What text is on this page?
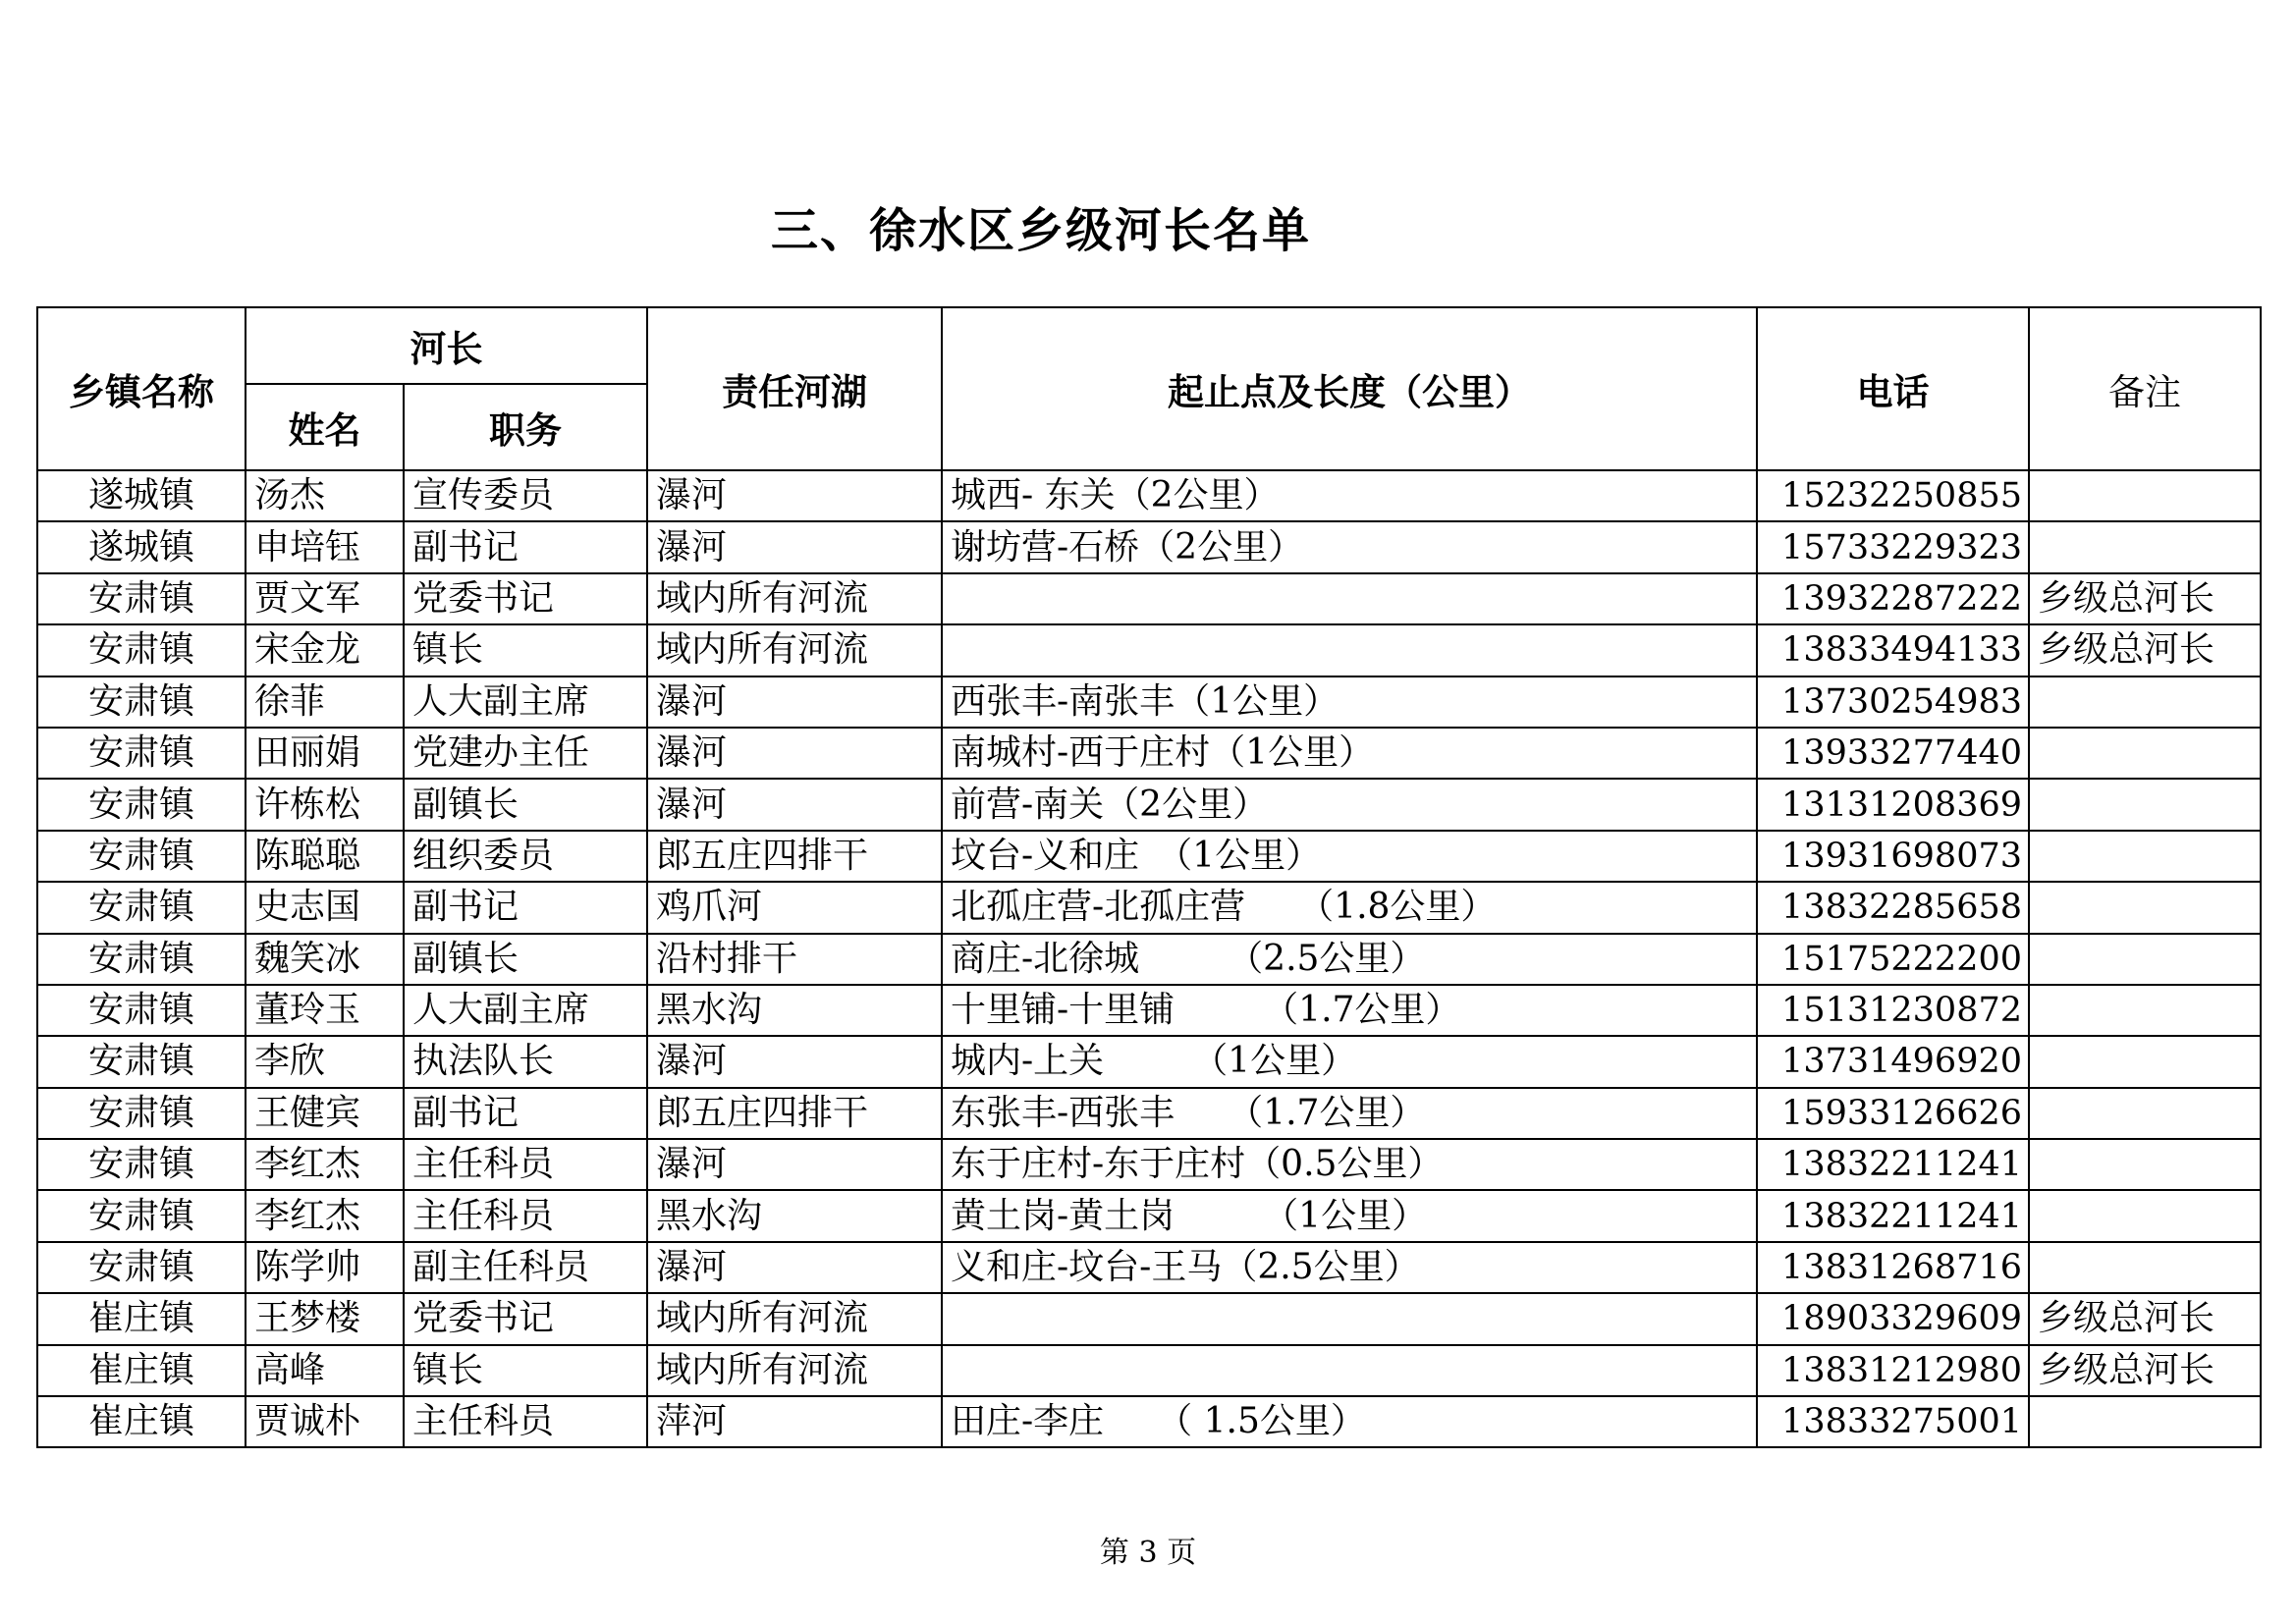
三、徐水区乡级河长名单
乡镇名称	河长		责任河湖	起止点及长度（公里）	电话	备注
	姓名	职务				
遂城镇	汤杰	宣传委员	瀑河	城西- 东关（2公里）	15232250855	
遂城镇	申培钰	副书记	瀑河	谢坊营-石桥（2公里）	15733229323	
安肃镇	贾文军	党委书记	域内所有河流		13932287222	乡级总河长
安肃镇	宋金龙	镇长	域内所有河流		13833494133	乡级总河长
安肃镇	徐菲	人大副主席	瀑河	西张丰-南张丰（1公里）	13730254983	
安肃镇	田丽娟	党建办主任	瀑河	南城村-西于庄村（1公里）	13933277440	
安肃镇	许栋松	副镇长	瀑河	前营-南关（2公里）	13131208369	
安肃镇	陈聪聪	组织委员	郎五庄四排干	坟台-义和庄　（1公里）	13931698073	
安肃镇	史志国	副书记	鸡爪河	北孤庄营-北孤庄营　　（1.8公里）	13832285658	
安肃镇	魏笑冰	副镇长	沿村排干	商庄-北徐城　　　（2.5公里）	15175222200	
安肃镇	董玲玉	人大副主席	黑水沟	十里铺-十里铺　　　（1.7公里）	15131230872	
安肃镇	李欣	执法队长	瀑河	城内-上关　　　（1公里）	13731496920	
安肃镇	王健宾	副书记	郎五庄四排干	东张丰-西张丰　　（1.7公里）	15933126626	
安肃镇	李红杰	主任科员	瀑河	东于庄村-东于庄村（0.5公里）	13832211241	
安肃镇	李红杰	主任科员	黑水沟	黄土岗-黄土岗　　　（1公里）	13832211241	
安肃镇	陈学帅	副主任科员	瀑河	义和庄-坟台-王马（2.5公里）	13831268716	
崔庄镇	王梦楼	党委书记	域内所有河流		18903329609	乡级总河长
崔庄镇	高峰	镇长	域内所有河流		13831212980	乡级总河长
崔庄镇	贾诚朴	主任科员	萍河	田庄-李庄　　（ 1.5公里）	13833275001	
第 3 页
